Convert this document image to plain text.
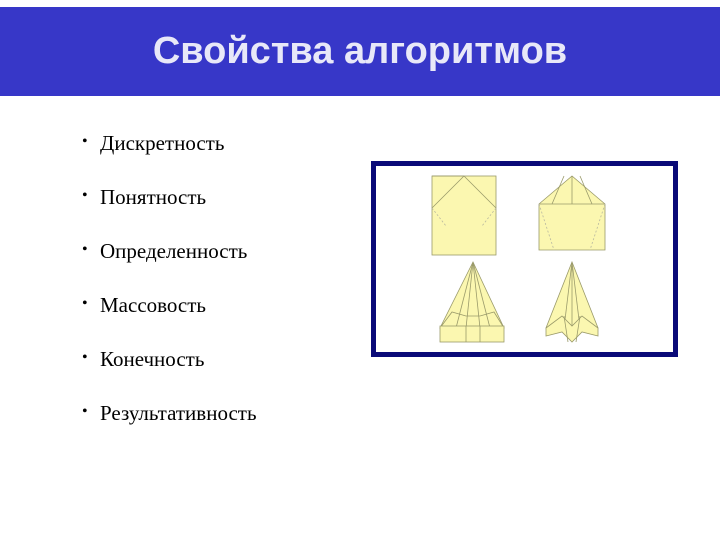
Свойства алгоритмов
• Дискретность
• Понятность
• Определенность
• Массовость
• Конечность
• Результативность
